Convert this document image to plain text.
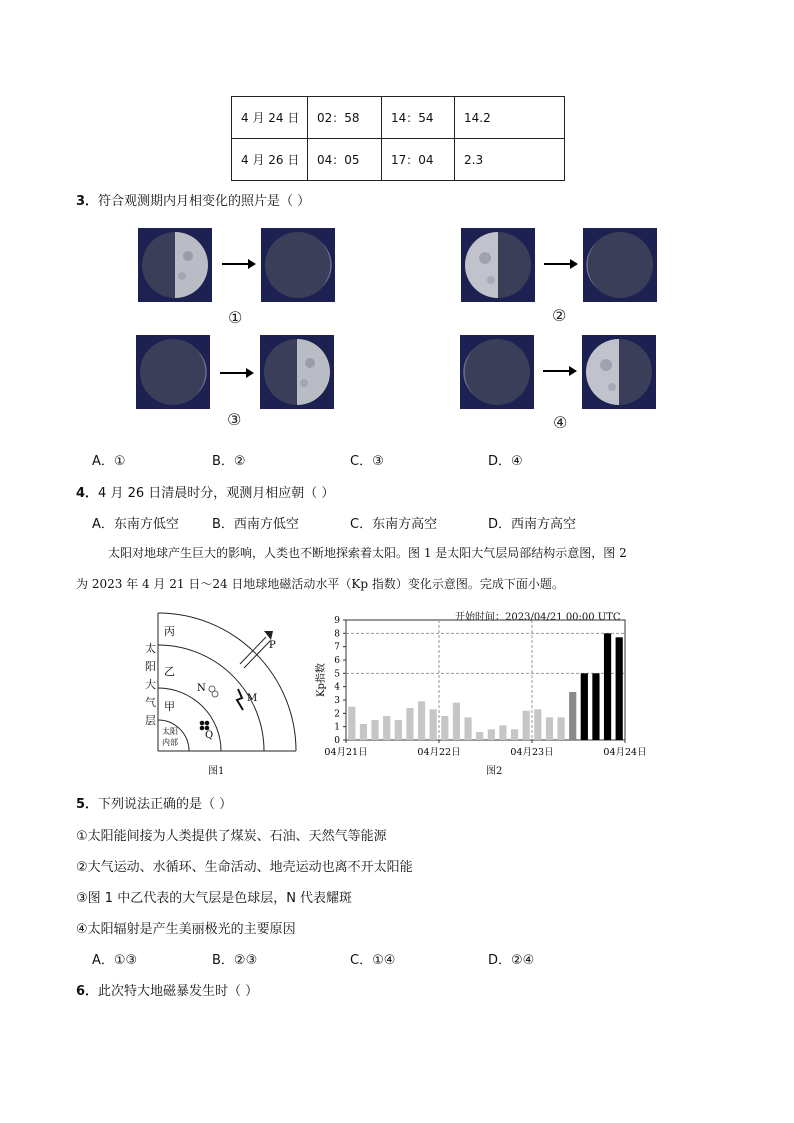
4 月 24 日	02：58	14：54	14.2
4 月 26 日	04：05	17：04	2.3
3．符合观测期内月相变化的照片是（ ）
①	②
③	④
A．①	B．②	C．③	D．④
4．4 月 26 日清晨时分，观测月相应朝（ ）
A．东南方低空	B．西南方低空	C．东南方高空	D．西南方高空
太阳对地球产生巨大的影响，人类也不断地探索着太阳。图 1 是太阳大气层局部结构示意图，图 2
为 2023 年 4 月 21 日～24 日地球地磁活动水平（Kp 指数）变化示意图。完成下面小题。
丙
乙
甲
太阳
内部
P
N
M
Q
太
阳
大
气
层
图1
开始时间：2023/04/21 00:00 UTC
0
1
2
3
4
5
6
7
8
9
04月21日	04月22日	04月23日	04月24日
Kp指数
图2
5．下列说法正确的是（ ）
①太阳能间接为人类提供了煤炭、石油、天然气等能源
②大气运动、水循环、生命活动、地壳运动也离不开太阳能
③图 1 中乙代表的大气层是色球层，N 代表耀斑
④太阳辐射是产生美丽极光的主要原因
A．①③	B．②③	C．①④	D．②④
6．此次特大地磁暴发生时（ ）
